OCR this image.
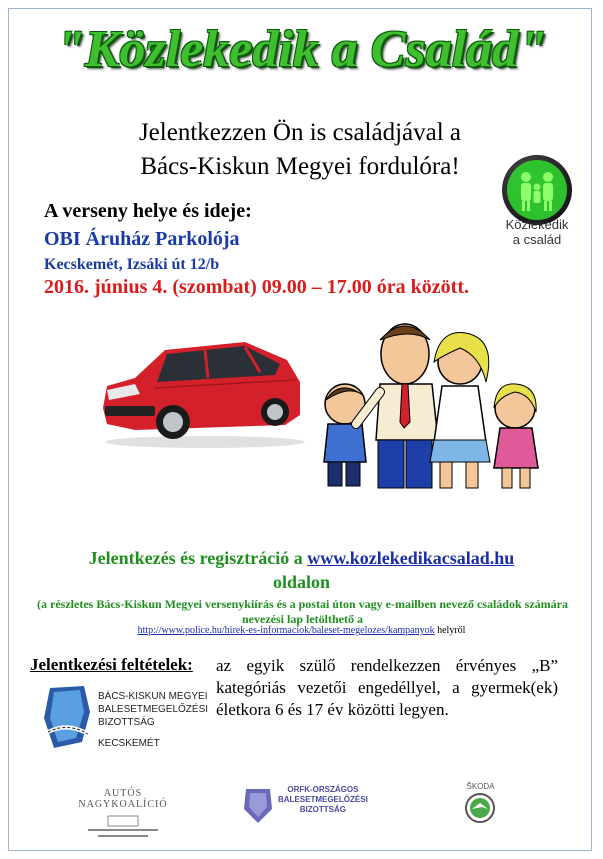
"Közlekedik a Család"
Jelentkezzen Ön is családjával a
Bács-Kiskun Megyei fordulóra!
Közlekedik
a család
A verseny helye és ideje:
OBI Áruház Parkolója
Kecskemét, Izsáki út 12/b
2016. június 4. (szombat) 09.00 – 17.00 óra között.
Jelentkezés és regisztráció a www.kozlekedikacsalad.hu
oldalon
(a részletes Bács-Kiskun Megyei versenykiírás és a postai úton vagy e-mailben nevező családok számára nevezési lap letölthető a
http://www.police.hu/hirek-es-informaciok/baleset-megelozes/kampanyok helyről
Jelentkezési feltételek: az egyik szülő rendelkezzen érvényes „B” kategóriás vezetői engedéllyel, a gyermek(ek) életkora 6 és 17 év közötti legyen.
BÁCS-KISKUN MEGYEI
BALESETMEGELŐZÉSI
BIZOTTSÁG
KECSKEMÉT
AUTÓS NAGYKOALÍCIÓ
ORFK-ORSZÁGOS
BALESETMEGELŐZÉSI
BIZOTTSÁG
ŠKODA
